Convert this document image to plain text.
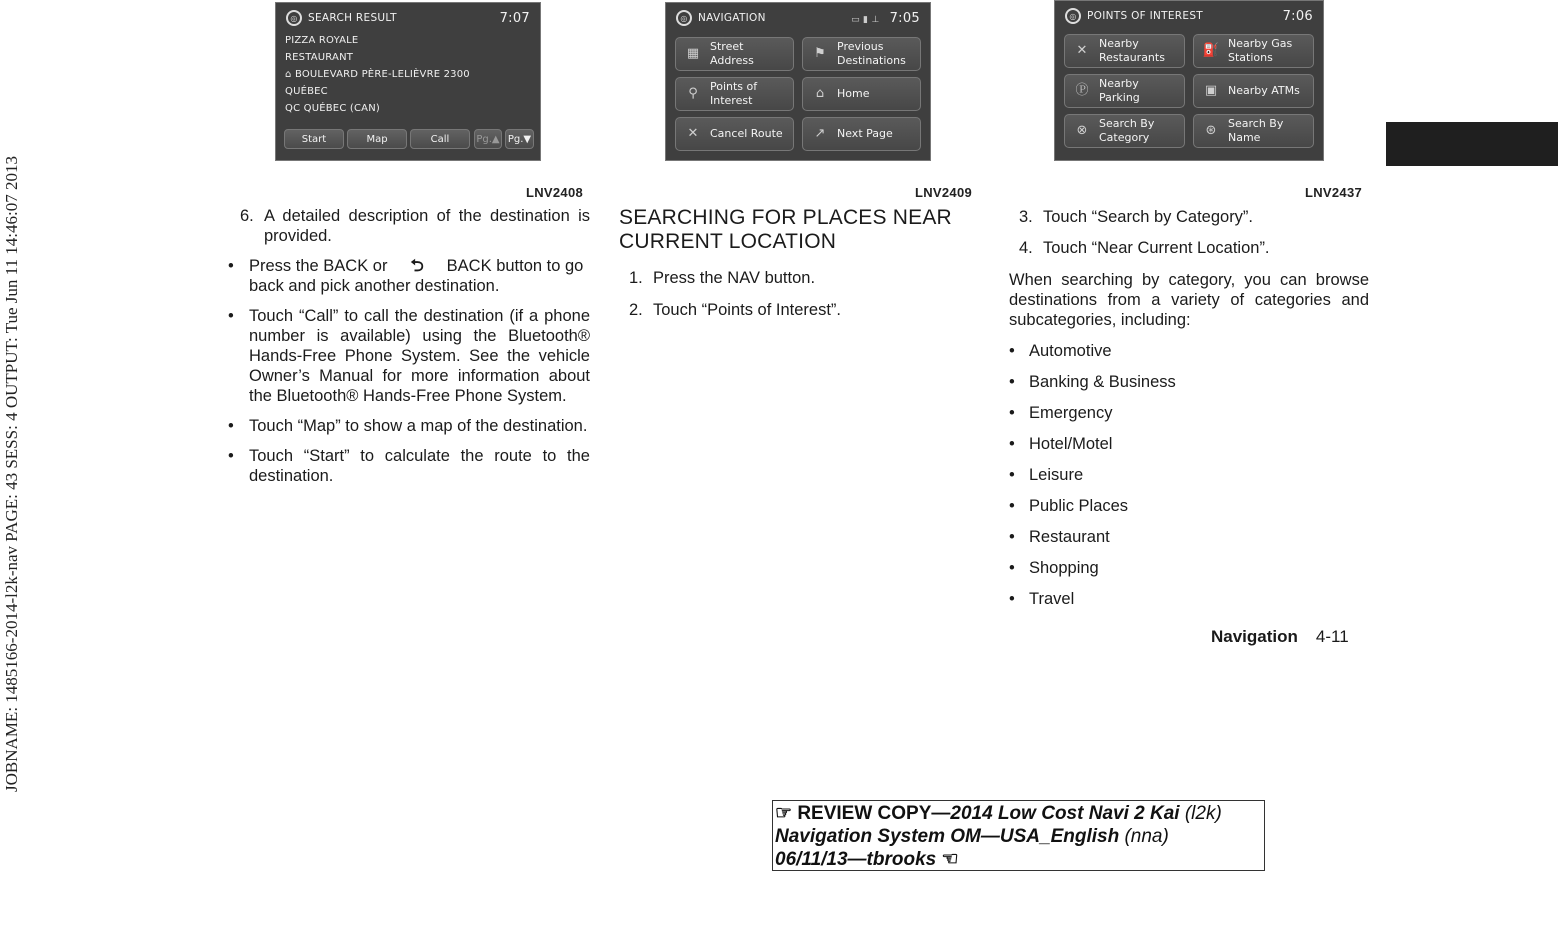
JOBNAME: 1485166-2014-l2k-nav PAGE: 43 SESS: 4 OUTPUT: Tue Jun 11 14:46:07 2013
◎ SEARCH RESULT	7:07
PIZZA ROYALE
RESTAURANT
⌂ BOULEVARD PÈRE-LELIÈVRE 2300
QUÉBEC
QC QUÉBEC (CAN)
Start	Map	Call	Pg.▲ Pg.▼
LNV2408
◎ NAVIGATION	▭ ▮ ⊥ 7:05
▦ Street Address	⚑	Previous Destinations
⚲	Points of Interest	⌂	Home
✕	Cancel Route	↗	Next Page
LNV2409
◎ POINTS OF INTEREST	7:06
✕	Nearby Restaurants	⛽ Nearby Gas Stations
Ⓟ Nearby Parking	▣ Nearby ATMs
⊗	Search By Category	⊛	Search By Name
LNV2437
6. A detailed description of the destination is provided.
• Press the BACK or ⮌ BACK button to go back and pick another destination.
• Touch “Call” to call the destination (if a phone number is available) using the Bluetooth® Hands-Free Phone System. See the vehicle Owner’s Manual for more information about the Bluetooth® Hands-Free Phone System.
• Touch “Map” to show a map of the destination.
• Touch “Start” to calculate the route to the destination.
SEARCHING FOR PLACES NEAR CURRENT LOCATION
1. Press the NAV button.
2. Touch “Points of Interest”.
3. Touch “Search by Category”.
4. Touch “Near Current Location”.
When searching by category, you can browse destinations from a variety of categories and subcategories, including:
• Automotive
• Banking & Business
• Emergency
• Hotel/Motel
• Leisure
• Public Places
• Restaurant
• Shopping
• Travel
Navigation 4-11
☞ REVIEW COPY—2014 Low Cost Navi 2 Kai (l2k)
Navigation System OM—USA_English (nna)
06/11/13—tbrooks ☜
